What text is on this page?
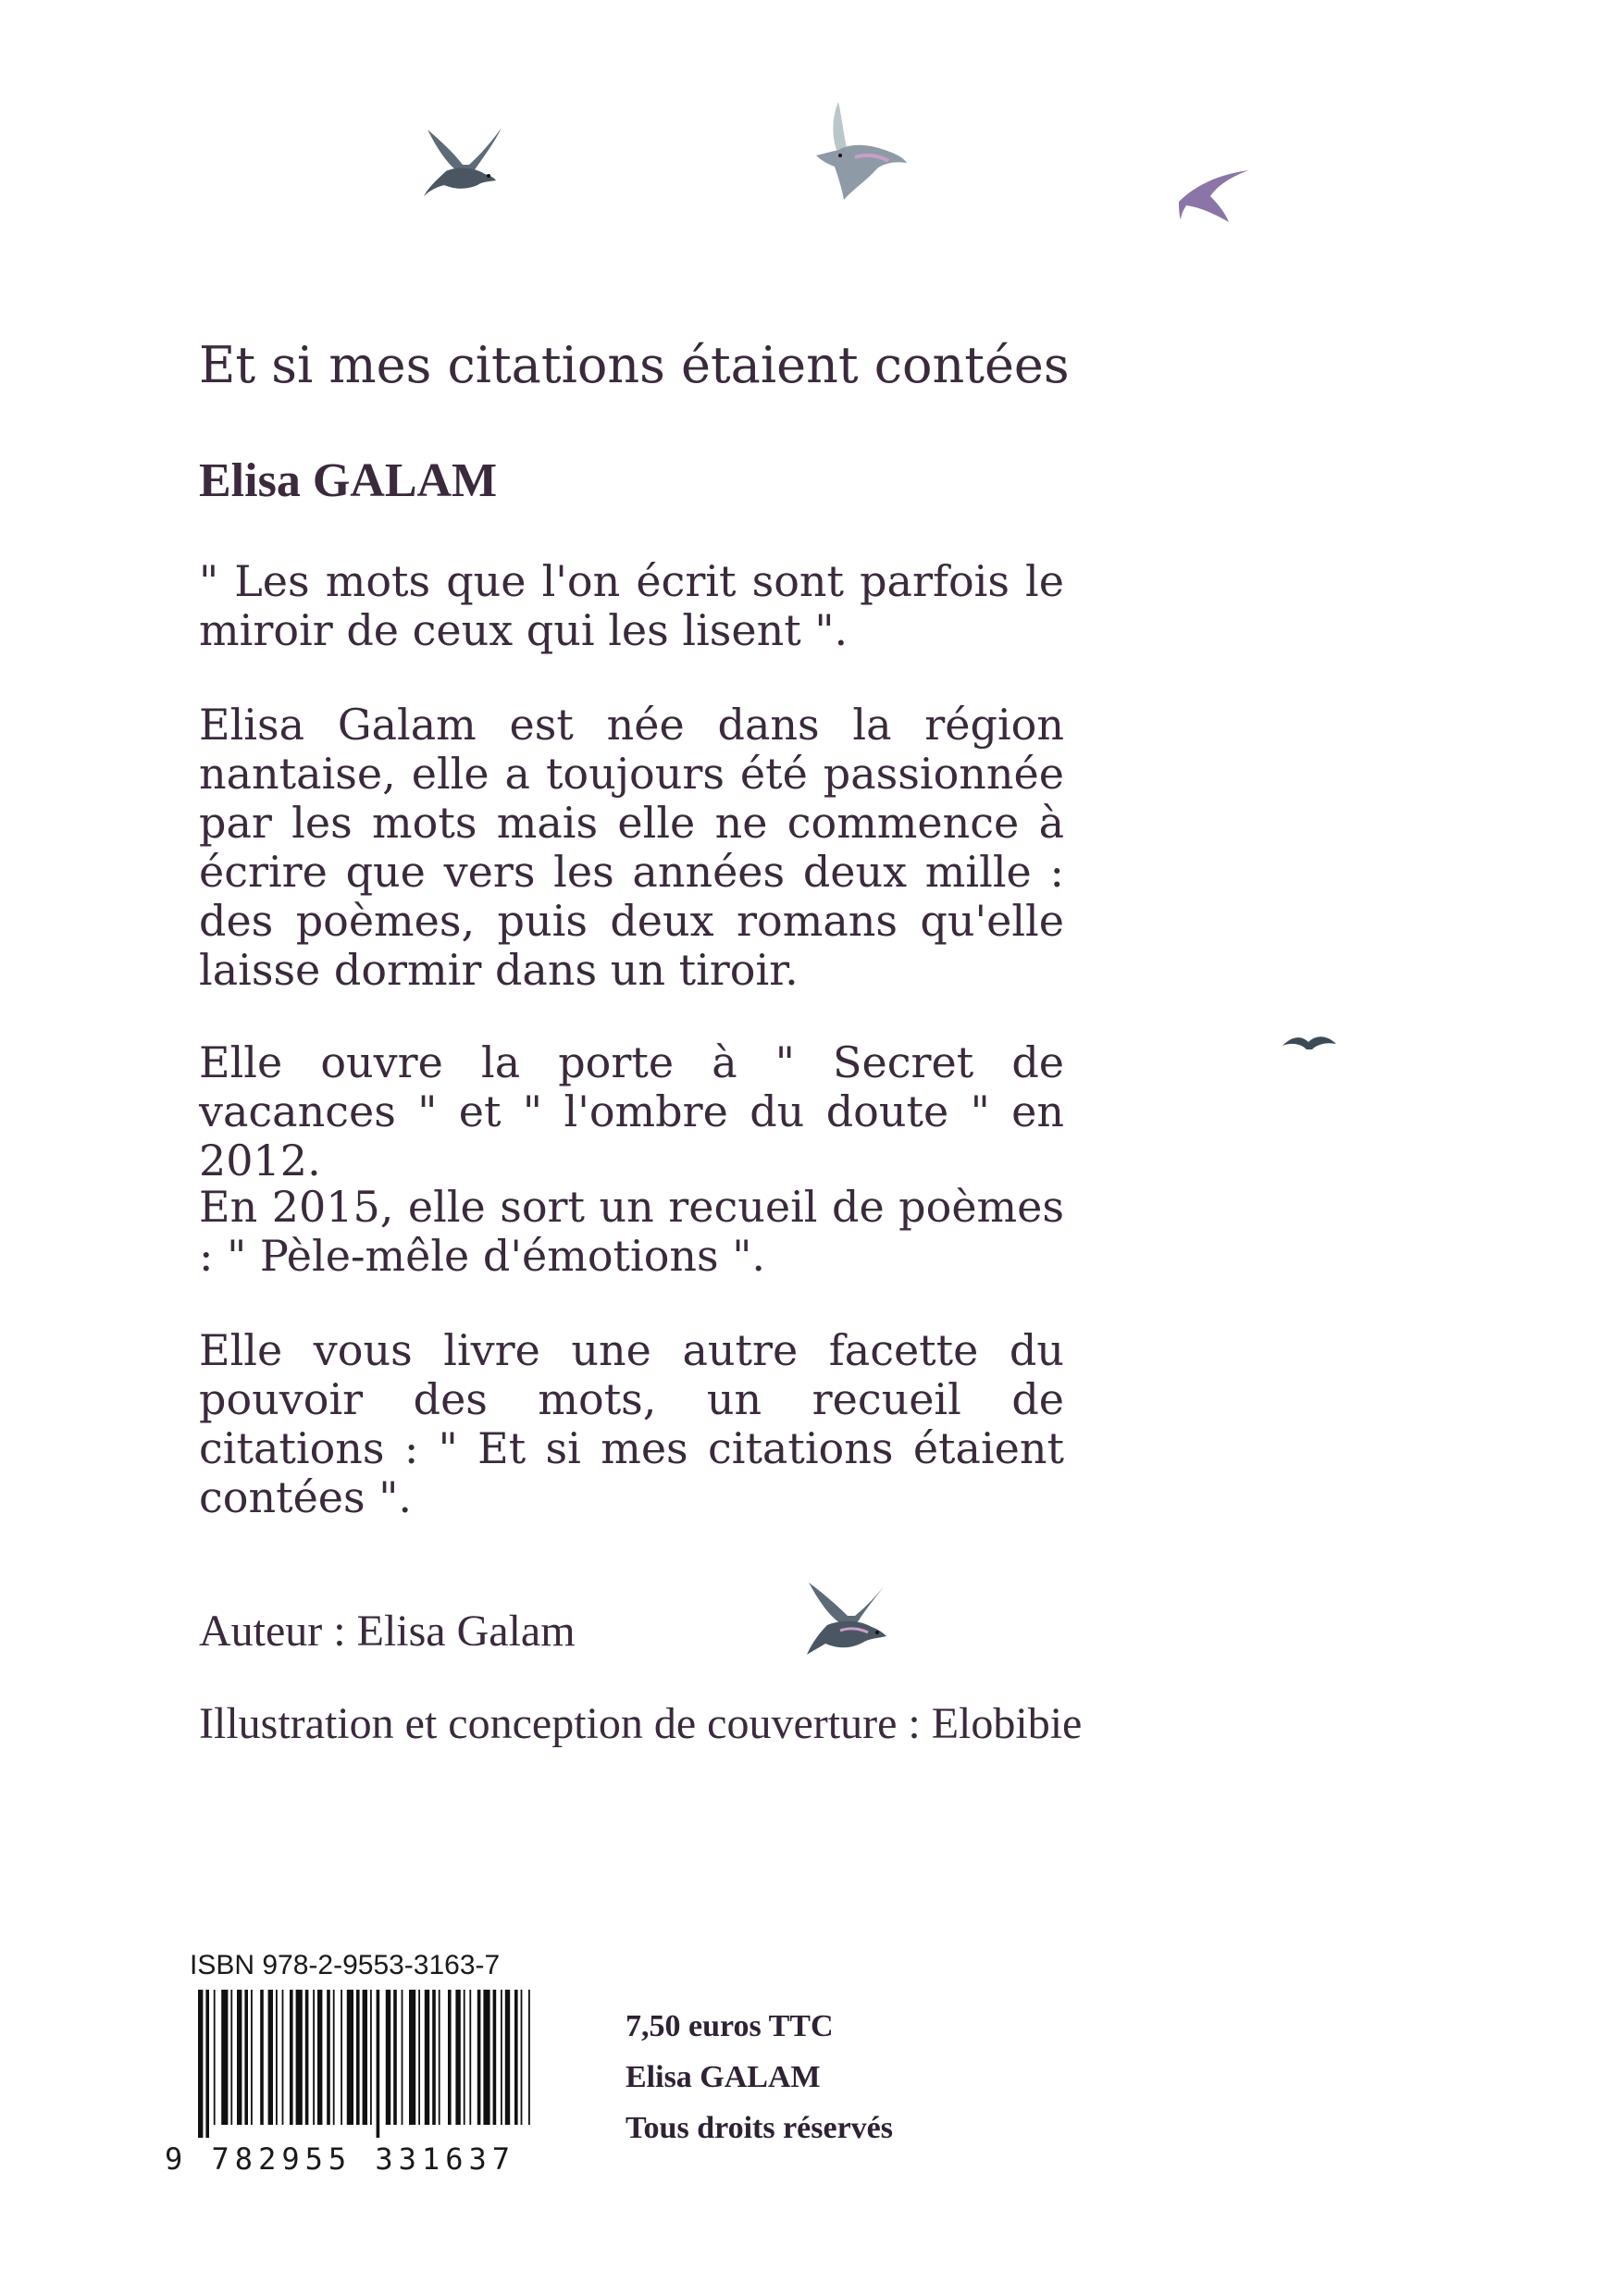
Et si mes citations étaient contées
Elisa GALAM
" Les mots que l'on écrit sont parfois le miroir de ceux qui les lisent ".
Elisa Galam est née dans la région nantaise, elle a toujours été passionnée par les mots mais elle ne commence à écrire que vers les années deux mille : des poèmes, puis deux romans qu'elle laisse dormir dans un tiroir.
Elle ouvre la porte à " Secret de vacances " et " l'ombre du doute " en 2012.
En 2015, elle sort un recueil de poèmes : " Pèle-mêle d'émotions ".
Elle vous livre une autre facette du pouvoir des mots, un recueil de citations : " Et si mes citations étaient contées ".
Auteur : Elisa Galam
Illustration et conception de couverture : Elobibie
ISBN 978-2-9553-3163-7
9 782955 331637
7,50 euros TTC
Elisa GALAM
Tous droits réservés
